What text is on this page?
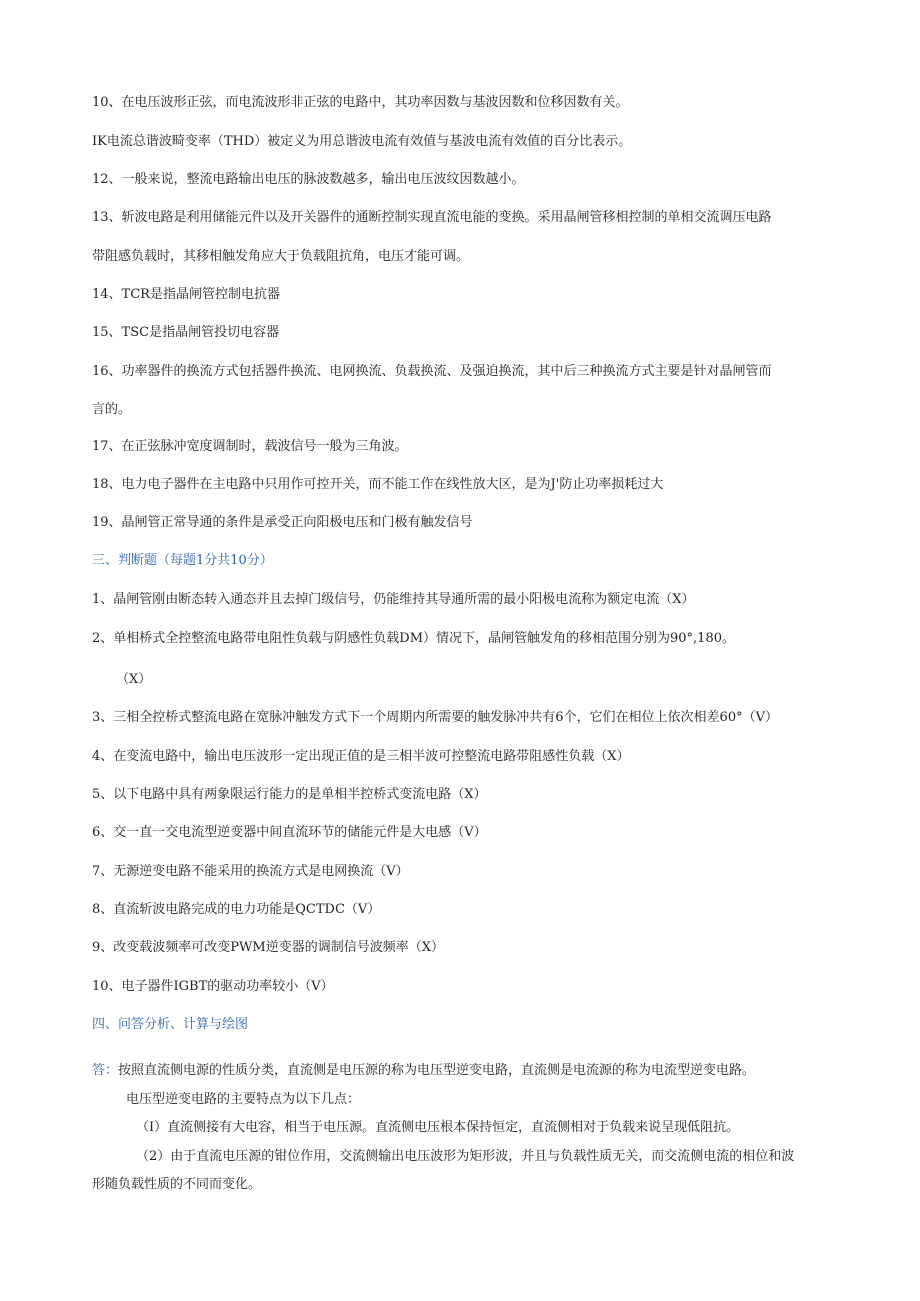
10、在电压波形正弦，而电流波形非正弦的电路中，其功率因数与基波因数和位移因数有关。
IK电流总谐波畸变率（THD）被定义为用总谐波电流有效值与基波电流有效值的百分比表示。
12、一般来说，整流电路输出电压的脉波数越多，输出电压波纹因数越小。
13、斩波电路是利用储能元件以及开关器件的通断控制实现直流电能的变换。采用晶闸管移相控制的单相交流调压电路
带阻感负载时，其移相触发角应大于负载阻抗角，电压才能可调。
14、TCR是指晶闸管控制电抗器
15、TSC是指晶闸管投切电容器
16、功率器件的换流方式包括器件换流、电网换流、负载换流、及强迫换流，其中后三种换流方式主要是针对晶闸管而
言的。
17、在正弦脉冲宽度调制时，载波信号一般为三角波。
18、电力电子器件在主电路中只用作可控开关，而不能工作在线性放大区，是为J'防止功率损耗过大
19、晶闸管正常导通的条件是承受正向阳极电压和门极有触发信号
三、判断题（每题1分共10分）
1、晶闸管刚由断态转入通态并且去掉门级信号，仍能维持其导通所需的最小阳极电流称为额定电流（X）
2、单相桥式全控整流电路带电阻性负载与阴感性负载DM）情况下，晶闸管触发角的移相范围分别为90°,180。
（X）
3、三相全控桥式整流电路在宽脉冲触发方式下一个周期内所需要的触发脉冲共有6个，它们在相位上依次相差60°（V）
4、在变流电路中，输出电压波形一定出现正值的是三相半波可控整流电路带阻感性负载（X）
5、以下电路中具有两象限运行能力的是单相半控桥式变流电路（X）
6、交一直一交电流型逆变器中间直流环节的储能元件是大电感（V）
7、无源逆变电路不能采用的换流方式是电网换流（V）
8、直流斩波电路完成的电力功能是QCTDC（V）
9、改变载波频率可改变PWM逆变器的调制信号波频率（X）
10、电子器件IGBT的驱动功率较小（V）
四、问答分析、计算与绘图
答：按照直流侧电源的性质分类，直流侧是电压源的称为电压型逆变电路，直流侧是电流源的称为电流型逆变电路。
电压型逆变电路的主要特点为以下几点：
（I）直流侧接有大电容，相当于电压源。直流侧电压根本保持恒定，直流侧相对于负载来说呈现低阻抗。
（2）由于直流电压源的钳位作用，交流侧输出电压波形为矩形波，并且与负载性质无关，而交流侧电流的相位和波
形随负载性质的不同而变化。
